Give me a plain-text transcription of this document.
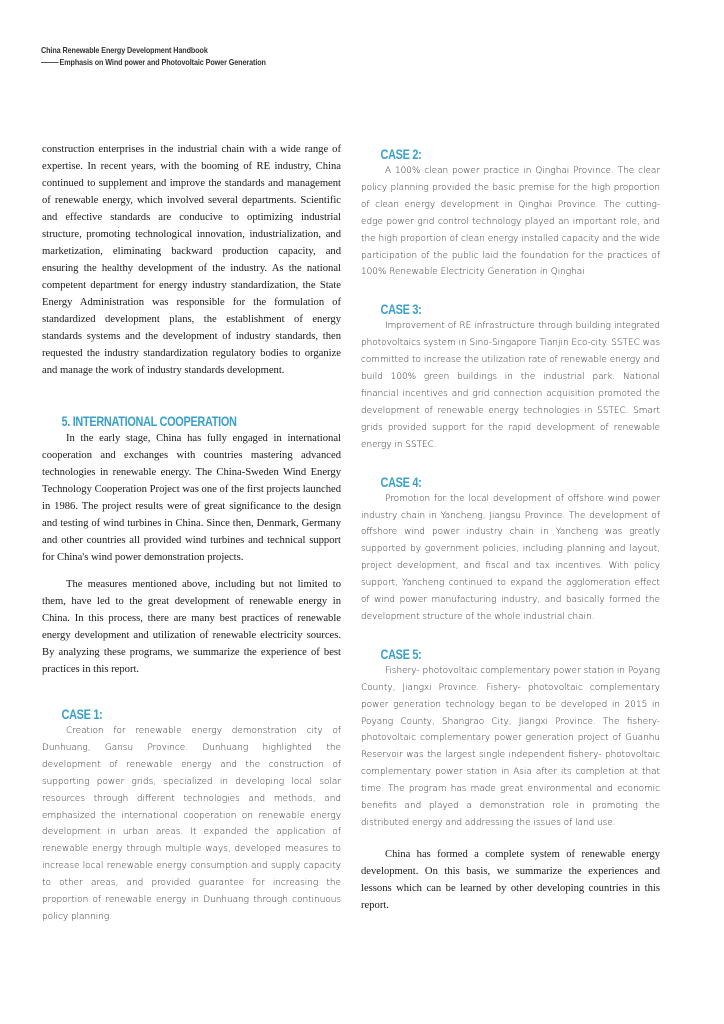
China Renewable Energy Development Handbook
Emphasis on Wind power and Photovoltaic Power Generation

construction enterprises in the industrial chain with a wide range of expertise. In recent years, with the booming of RE industry, China continued to supplement and improve the standards and management of renewable energy, which involved several departments. Scientific and effective standards are conducive to optimizing industrial structure, promoting technological innovation, industrialization, and marketization, eliminating backward production capacity, and ensuring the healthy development of the industry. As the national competent department for energy industry standardization, the State Energy Administration was responsible for the formulation of standardized development plans, the establishment of energy standards systems and the development of industry standards, then requested the industry standardization regulatory bodies to organize and manage the work of industry standards development.

5. INTERNATIONAL COOPERATION

In the early stage, China has fully engaged in international cooperation and exchanges with countries mastering advanced technologies in renewable energy. The China-Sweden Wind Energy Technology Cooperation Project was one of the first projects launched in 1986. The project results were of great significance to the design and testing of wind turbines in China. Since then, Denmark, Germany and other countries all provided wind turbines and technical support for China's wind power demonstration projects.

The measures mentioned above, including but not limited to them, have led to the great development of renewable energy in China. In this process, there are many best practices of renewable energy development and utilization of renewable electricity sources. By analyzing these programs, we summarize the experience of best practices in this report.

CASE 1:

Creation for renewable energy demonstration city of Dunhuang, Gansu Province. Dunhuang highlighted the development of renewable energy and the construction of supporting power grids, specialized in developing local solar resources through different technologies and methods, and emphasized the international cooperation on renewable energy development in urban areas. It expanded the application of renewable energy through multiple ways, developed measures to increase local renewable energy consumption and supply capacity to other areas, and provided guarantee for increasing the proportion of renewable energy in Dunhuang through continuous policy planning.

CASE 2:

A 100% clean power practice in Qinghai Province. The clear policy planning provided the basic premise for the high proportion of clean energy development in Qinghai Province. The cutting-edge power grid control technology played an important role, and the high proportion of clean energy installed capacity and the wide participation of the public laid the foundation for the practices of 100% Renewable Electricity Generation in Qinghai

CASE 3:

Improvement of RE infrastructure through building integrated photovoltaics system in Sino-Singapore Tianjin Eco-city. SSTEC was committed to increase the utilization rate of renewable energy and build 100% green buildings in the industrial park. National financial incentives and grid connection acquisition promoted the development of renewable energy technologies in SSTEC. Smart grids provided support for the rapid development of renewable energy in SSTEC.

CASE 4:

Promotion for the local development of offshore wind power industry chain in Yancheng, Jiangsu Province. The development of offshore wind power industry chain in Yancheng was greatly supported by government policies, including planning and layout, project development, and fiscal and tax incentives. With policy support, Yancheng continued to expand the agglomeration effect of wind power manufacturing industry, and basically formed the development structure of the whole industrial chain.

CASE 5:

Fishery- photovoltaic complementary power station in Poyang County, Jiangxi Province. Fishery- photovoltaic complementary power generation technology began to be developed in 2015 in Poyang County, Shangrao City, Jiangxi Province. The fishery- photovoltaic complementary power generation project of Guanhu Reservoir was the largest single independent fishery- photovoltaic complementary power station in Asia after its completion at that time. The program has made great environmental and economic benefits and played a demonstration role in promoting the distributed energy and addressing the issues of land use.

China has formed a complete system of renewable energy development. On this basis, we summarize the experiences and lessons which can be learned by other developing countries in this report.
